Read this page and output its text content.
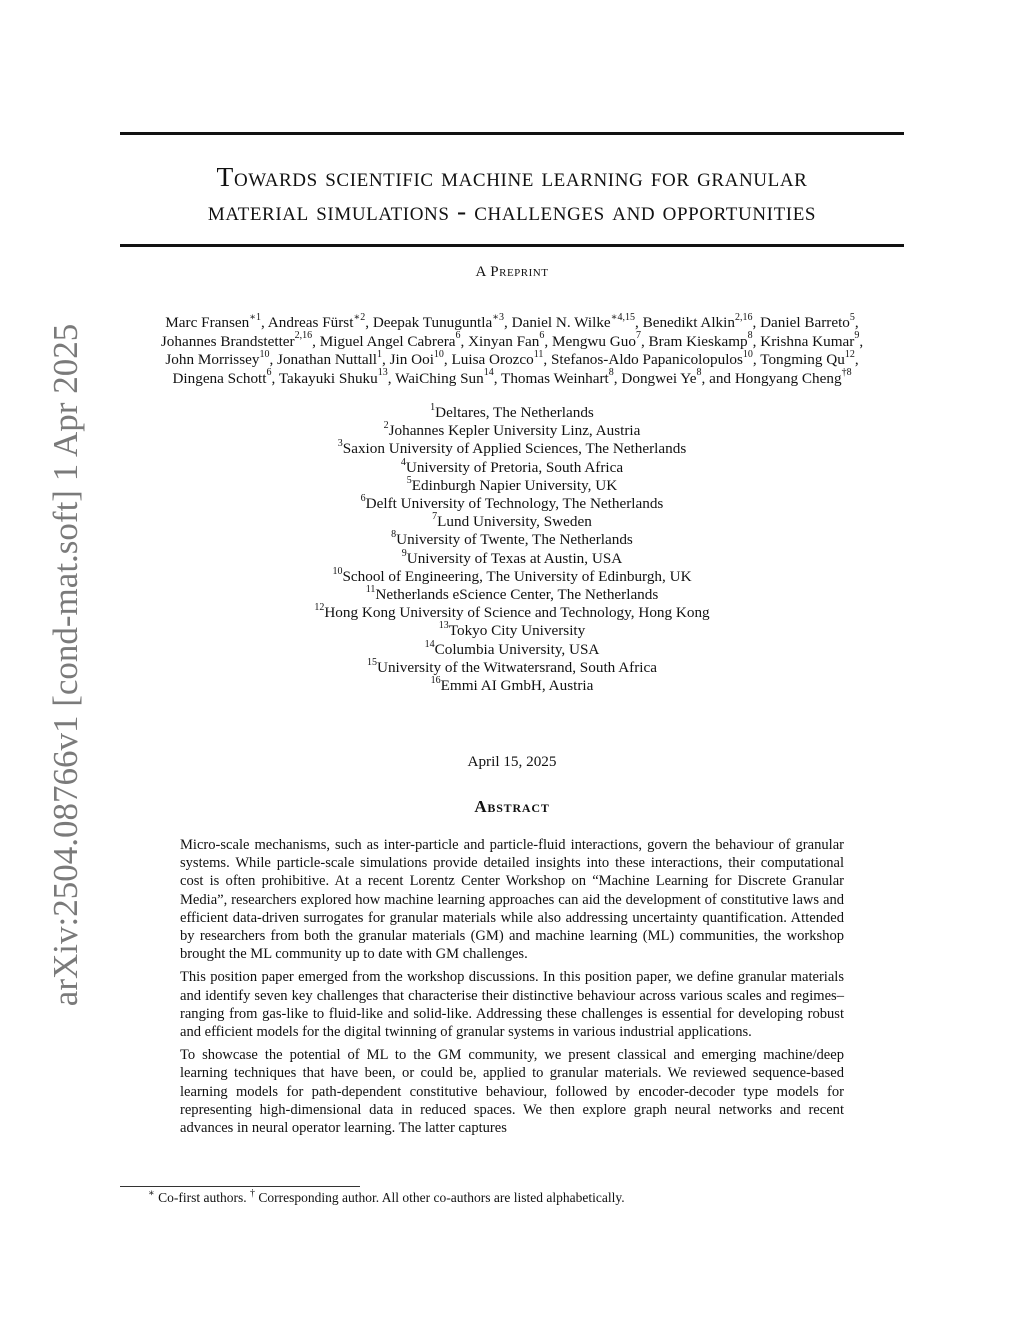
arXiv:2504.08766v1 [cond-mat.soft] 1 Apr 2025
Towards scientific machine learning for granular
material simulations - challenges and opportunities
A Preprint
Marc Fransen$^{∗1}$, Andreas Fürst$^{∗2}$, Deepak Tunuguntla$^{∗3}$, Daniel N. Wilke$^{∗4,15}$, Benedikt Alkin$^{2,16}$, Daniel Barreto$^5$,
Johannes Brandstetter$^{2,16}$, Miguel Angel Cabrera$^6$, Xinyan Fan$^6$, Mengwu Guo$^7$, Bram Kieskamp$^8$, Krishna Kumar$^9$,
John Morrissey$^{10}$, Jonathan Nuttall$^1$, Jin Ooi$^{10}$, Luisa Orozco$^{11}$, Stefanos-Aldo Papanicolopulos$^{10}$, Tongming Qu$^{12}$,
Dingena Schott$^6$, Takayuki Shuku$^{13}$, WaiChing Sun$^{14}$, Thomas Weinhart$^8$, Dongwei Ye$^8$, and Hongyang Cheng$^{\dagger 8}$
$^1$Deltares, The Netherlands
$^2$Johannes Kepler University Linz, Austria
$^3$Saxion University of Applied Sciences, The Netherlands
$^4$University of Pretoria, South Africa
$^5$Edinburgh Napier University, UK
$^6$Delft University of Technology, The Netherlands
$^7$Lund University, Sweden
$^8$University of Twente, The Netherlands
$^9$University of Texas at Austin, USA
$^{10}$School of Engineering, The University of Edinburgh, UK
$^{11}$Netherlands eScience Center, The Netherlands
$^{12}$Hong Kong University of Science and Technology, Hong Kong
$^{13}$Tokyo City University
$^{14}$Columbia University, USA
$^{15}$University of the Witwatersrand, South Africa
$^{16}$Emmi AI GmbH, Austria
April 15, 2025
Abstract

Micro-scale mechanisms, such as inter-particle and particle-fluid interactions, govern the behaviour of granular systems. While particle-scale simulations provide detailed insights into these interactions, their computational cost is often prohibitive. At a recent Lorentz Center Workshop on “Machine Learning for Discrete Granular Media”, researchers explored how machine learning approaches can aid the development of constitutive laws and efficient data-driven surrogates for granular materials while also addressing uncertainty quantification. Attended by researchers from both the granular materials (GM) and machine learning (ML) communities, the workshop brought the ML community up to date with GM challenges.

This position paper emerged from the workshop discussions. In this position paper, we define granular materials and identify seven key challenges that characterise their distinctive behaviour across various scales and regimes–ranging from gas-like to fluid-like and solid-like. Addressing these challenges is essential for developing robust and efficient models for the digital twinning of granular systems in various industrial applications.

To showcase the potential of ML to the GM community, we present classical and emerging machine/deep learning techniques that have been, or could be, applied to granular materials. We reviewed sequence-based learning models for path-dependent constitutive behaviour, followed by encoder-decoder type models for representing high-dimensional data in reduced spaces. We then explore graph neural networks and recent advances in neural operator learning. The latter captures

∗ Co-first authors. † Corresponding author. All other co-authors are listed alphabetically.
